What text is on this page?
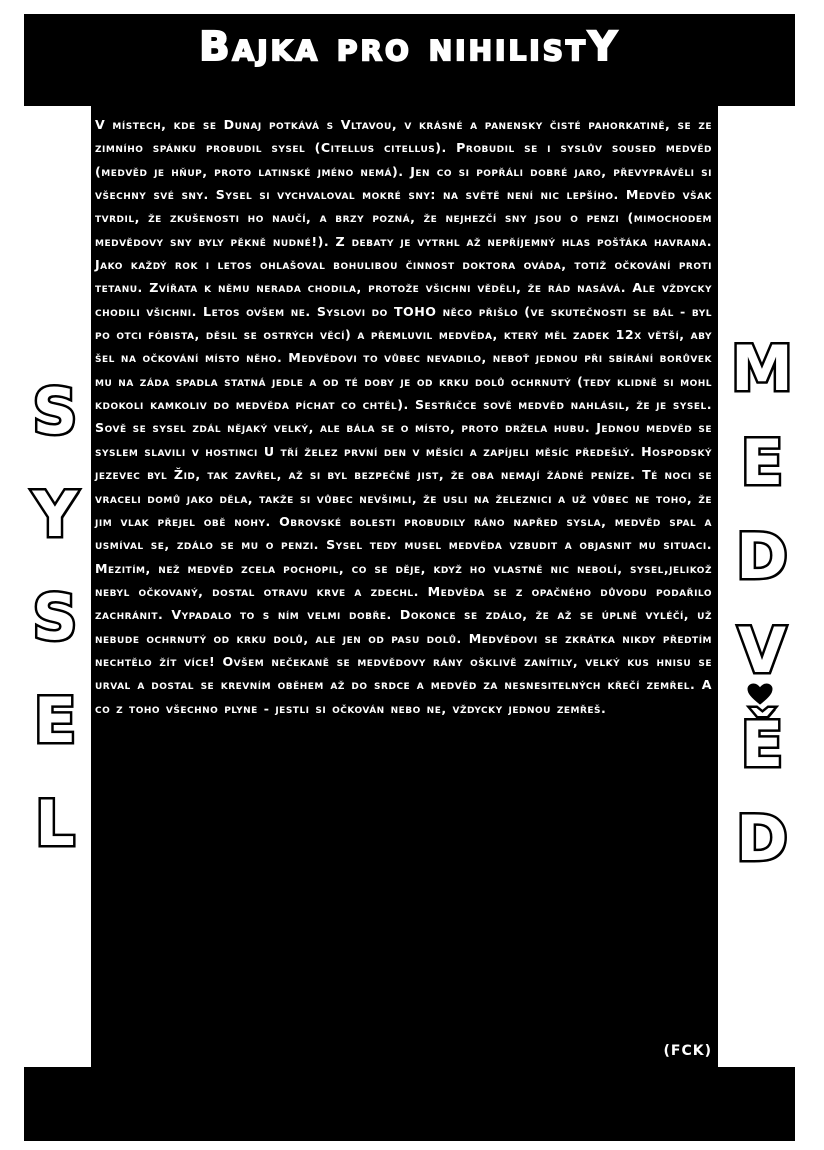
Bajka pro nihilistY
V místech, kde se Dunaj potkává s Vltavou, v krásné a panensky čisté pahorkatině, se ze zimního spánku probudil sysel (Citellus citellus). Probudil se i syslův soused medvěd (medvěd je hňup, proto latinské jméno nemá). Jen co si popřáli dobré jaro, převyprávěli si všechny své sny. Sysel si vychvaloval mokré sny: na světě není nic lepšího. Medvěd však tvrdil, že zkušenosti ho naučí, a brzy pozná, že nejhezčí sny jsou o penzi (mimochodem medvědovy sny byly pěkně nudné!). Z debaty je vytrhl až nepříjemný hlas pošťáka havrana. Jako každý rok i letos ohlašoval bohulibou činnost doktora ováda, totiž očkování proti tetanu. Zvířata k němu nerada chodila, protože všichni věděli, že rád nasává. Ale vždycky chodili všichni. Letos ovšem ne. Syslovi do TOHO něco přišlo (ve skutečnosti se bál - byl po otci fóbista, děsil se ostrých věcí) a přemluvil medvěda, který měl zadek 12x větší, aby šel na očkování místo něho. Medvědovi to vůbec nevadilo, neboť jednou při sbírání borůvek mu na záda spadla statná jedle a od té doby je od krku dolů ochrnutý (tedy klidně si mohl kdokoli kamkoliv do medvěda píchat co chtěl). Sestřičce sově medvěd nahlásil, že je sysel. Sově se sysel zdál nějaký velký, ale bála se o místo, proto držela hubu. Jednou medvěd se syslem slavili v hostinci U tří želez první den v měsíci a zapíjeli měsíc předešlý. Hospodský jezevec byl Žid, tak zavřel, až si byl bezpečně jist, že oba nemají žádné peníze. Té noci se vraceli domů jako děla, takže si vůbec nevšimli, že usli na železnici a už vůbec ne toho, že jim vlak přejel obě nohy. Obrovské bolesti probudily ráno napřed sysla, medvěd spal a usmíval se, zdálo se mu o penzi. Sysel tedy musel medvěda vzbudit a objasnit mu situaci. Mezitím, než medvěd zcela pochopil, co se děje, když ho vlastně nic nebolí, sysel,jelikož nebyl očkovaný, dostal otravu krve a zdechl. Medvěda se z opačného důvodu podařilo zachránit. Vypadalo to s ním velmi dobře. Dokonce se zdálo, že až se úplně vyléčí, už nebude ochrnutý od krku dolů, ale jen od pasu dolů. Medvědovi se zkrátka nikdy předtím nechtělo žít více! Ovšem nečekaně se medvědovy rány ošklivě zanítily, velký kus hnisu se urval a dostal se krevním oběhem až do srdce a medvěd za nesnesitelných křečí zemřel. A co z toho všechno plyne - jestli si očkován nebo ne, vždycky jednou zemřeš.
(FCK)
S
Y
S
E
L
M
E
D
V
Ě
D
